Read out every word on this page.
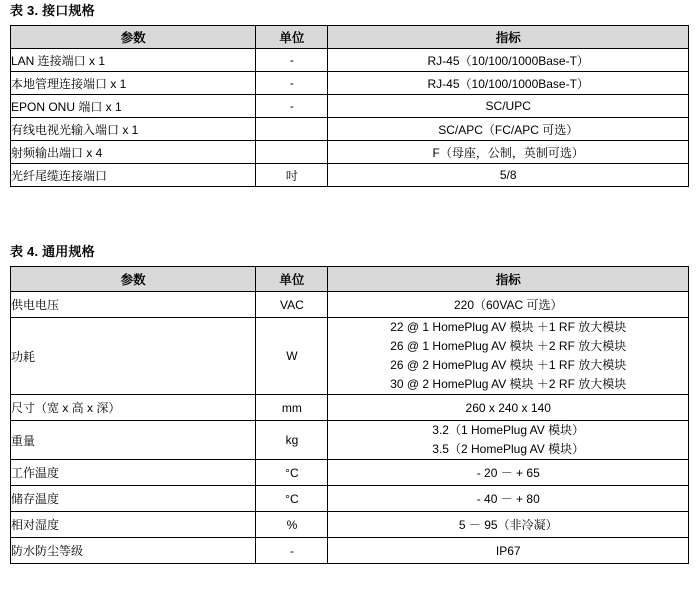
表 3. 接口规格
参数	单位	指标
LAN 连接端口 x 1	-	RJ-45（10/100/1000Base-T）
本地管理连接端口 x 1	-	RJ-45（10/100/1000Base-T）
EPON ONU 端口 x 1	-	SC/UPC
有线电视光输入端口 x 1		SC/APC（FC/APC 可选）
射频输出端口 x 4		F（母座，公制，英制可选）
光纤尾缆连接端口	吋	5/8
表 4. 通用规格
参数	单位	指标
供电电压	VAC	220（60VAC 可选）
功耗	W	22 @ 1 HomePlug AV 模块 ＋1 RF 放大模块
26 @ 1 HomePlug AV 模块 ＋2 RF 放大模块
26 @ 2 HomePlug AV 模块 ＋1 RF 放大模块
30 @ 2 HomePlug AV 模块 ＋2 RF 放大模块

尺寸（宽 x 高 x 深）	mm	260 x 240 x 140
重量	kg	3.2（1 HomePlug AV 模块）
3.5（2 HomePlug AV 模块）

工作温度	°C	- 20 － + 65
储存温度	°C	- 40 － + 80
相对湿度	%	5 － 95（非冷凝）
防水防尘等级	-	IP67
